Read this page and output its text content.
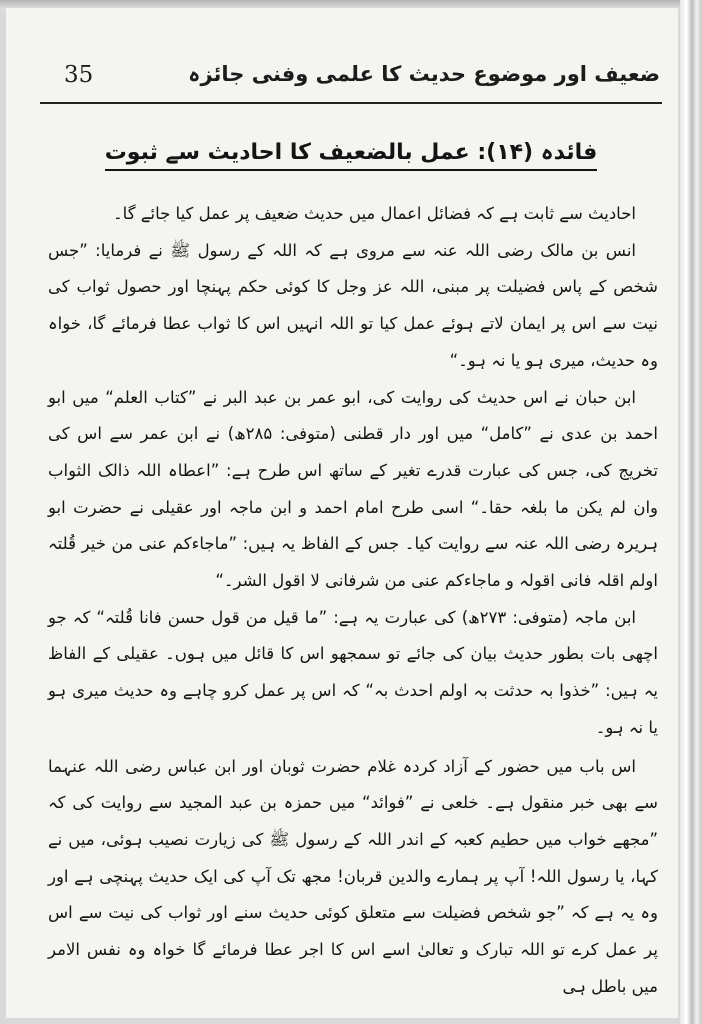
35	ضعیف اور موضوع حدیث کا علمی وفنی جائزہ
فائدہ (۱۴): عمل بالضعیف کا احادیث سے ثبوت

احادیث سے ثابت ہے کہ فضائل اعمال میں حدیث ضعیف پر عمل کیا جائے گا۔

انس بن مالک رضی اللہ عنہ سے مروی ہے کہ اللہ کے رسول ﷺ نے فرمایا: ”جس شخص کے پاس فضیلت پر مبنی، اللہ عز وجل کا کوئی حکم پہنچا اور حصول ثواب کی نیت سے اس پر ایمان لاتے ہوئے عمل کیا تو اللہ انہیں اس کا ثواب عطا فرمائے گا، خواہ وہ حدیث، میری ہو یا نہ ہو۔“

ابن حبان نے اس حدیث کی روایت کی، ابو عمر بن عبد البر نے ”کتاب العلم“ میں ابو احمد بن عدی نے ”کامل“ میں اور دار قطنی (متوفی: ۲۸۵ھ) نے ابن عمر سے اس کی تخریج کی، جس کی عبارت قدرے تغیر کے ساتھ اس طرح ہے: ”اعطاہ اللہ ذالک الثواب وان لم یکن ما بلغہ حقا۔“ اسی طرح امام احمد و ابن ماجہ اور عقیلی نے حضرت ابو ہریرہ رضی اللہ عنہ سے روایت کیا۔ جس کے الفاظ یہ ہیں: ”ماجاءکم عنی من خیر قُلتہ اولم اقلہ فانی اقولہ و ماجاءکم عنی من شرفانی لا اقول الشر۔“

ابن ماجہ (متوفی: ۲۷۳ھ) کی عبارت یہ ہے: ”ما قیل من قول حسن فانا قُلتہ“ کہ جو اچھی بات بطور حدیث بیان کی جائے تو سمجھو اس کا قائل میں ہوں۔ عقیلی کے الفاظ یہ ہیں: ”خذوا بہ حدثت بہ اولم احدث بہ“ کہ اس پر عمل کرو چاہے وہ حدیث میری ہو یا نہ ہو۔

اس باب میں حضور کے آزاد کردہ غلام حضرت ثوبان اور ابن عباس رضی اللہ عنہما سے بھی خبر منقول ہے۔ خلعی نے ”فوائد“ میں حمزہ بن عبد المجید سے روایت کی کہ ”مجھے خواب میں حطیم کعبہ کے اندر اللہ کے رسول ﷺ کی زیارت نصیب ہوئی، میں نے کہا، یا رسول اللہ! آپ پر ہمارے والدین قربان! مجھ تک آپ کی ایک حدیث پہنچی ہے اور وہ یہ ہے کہ ”جو شخص فضیلت سے متعلق کوئی حدیث سنے اور ثواب کی نیت سے اس پر عمل کرے تو اللہ تبارک و تعالیٰ اسے اس کا اجر عطا فرمائے گا خواہ وہ نفس الامر میں باطل ہی
